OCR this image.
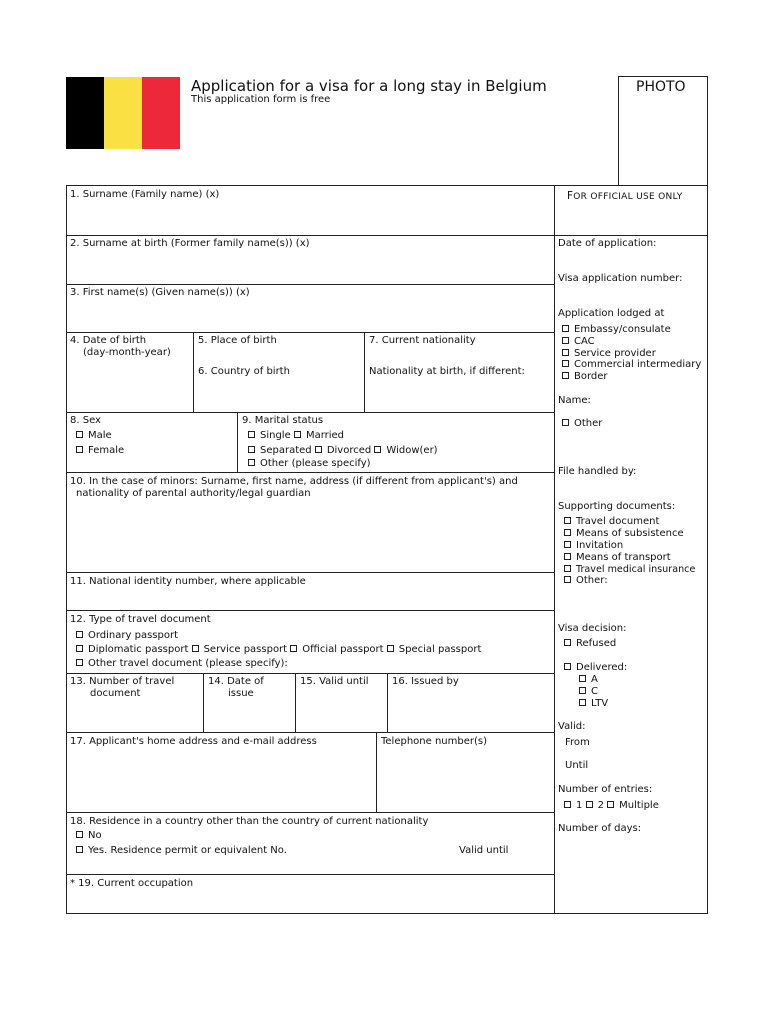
Application for a visa for a long stay in Belgium
This application form is free
PHOTO
1. Surname (Family name) (x)
2. Surname at birth (Former family name(s)) (x)
3. First name(s) (Given name(s)) (x)
4. Date of birth
(day-month-year)
5. Place of birth
6. Country of birth
7. Current nationality
Nationality at birth, if different:
8. Sex
Male
Female
9. Marital status
Single Married
Separated Divorced Widow(er)
Other (please specify)
10. In the case of minors: Surname, first name, address (if different from applicant's) and
nationality of parental authority/legal guardian
11. National identity number, where applicable
12. Type of travel document
Ordinary passport
Diplomatic passport Service passport Official passport Special passport
Other travel document (please specify):
13. Number of travel
document
14. Date of
issue
15. Valid until 16. Issued by
17. Applicant's home address and e-mail address	Telephone number(s)
18. Residence in a country other than the country of current nationality
No
Yes. Residence permit or equivalent No.	Valid until
* 19. Current occupation
FOR OFFICIAL USE ONLY
Date of application:
Visa application number:
Application lodged at
Embassy/consulate
CAC
Service provider
Commercial intermediary
Border
Name:
Other
File handled by:
Supporting documents:
Travel document
Means of subsistence
Invitation
Means of transport
Travel medical insurance
Other:
Visa decision:
Refused
Delivered:
A
C
LTV
Valid:
From
Until
Number of entries:
1 2 Multiple
Number of days:
